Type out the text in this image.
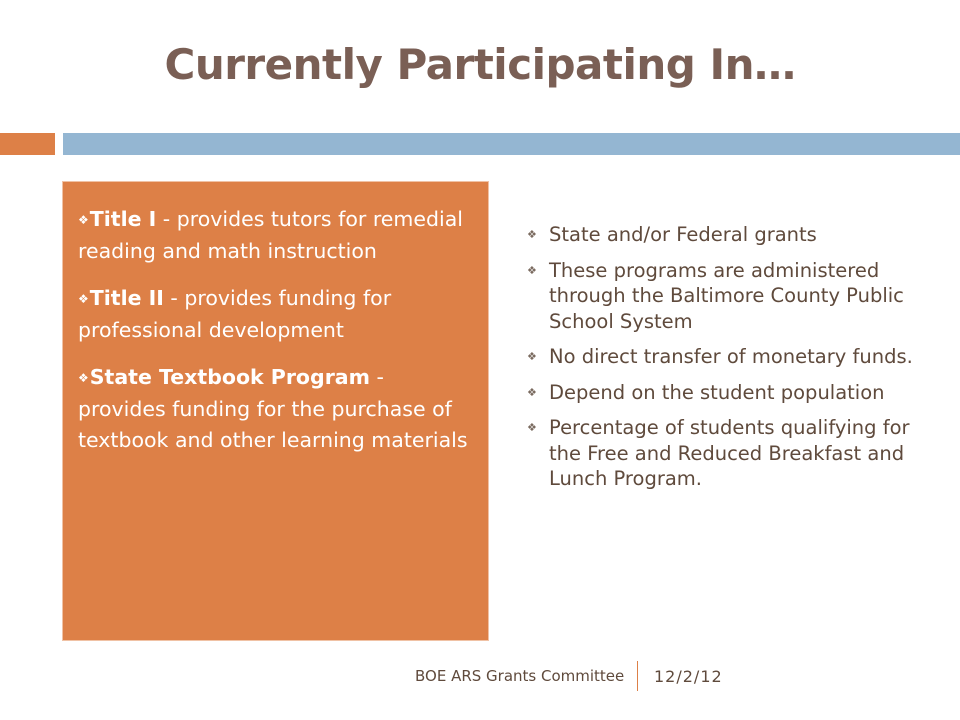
Currently Participating In…
❖Title I - provides tutors for remedial reading and math instruction
❖Title II - provides funding for professional development
❖State Textbook Program - provides funding for the purchase of textbook and other learning materials
❖ State and/or Federal grants
❖ These programs are administered through the Baltimore County Public School System
❖ No direct transfer of monetary funds.
❖ Depend on the student population
❖ Percentage of students qualifying for the Free and Reduced Breakfast and Lunch Program.
BOE ARS Grants Committee 12/2/12
